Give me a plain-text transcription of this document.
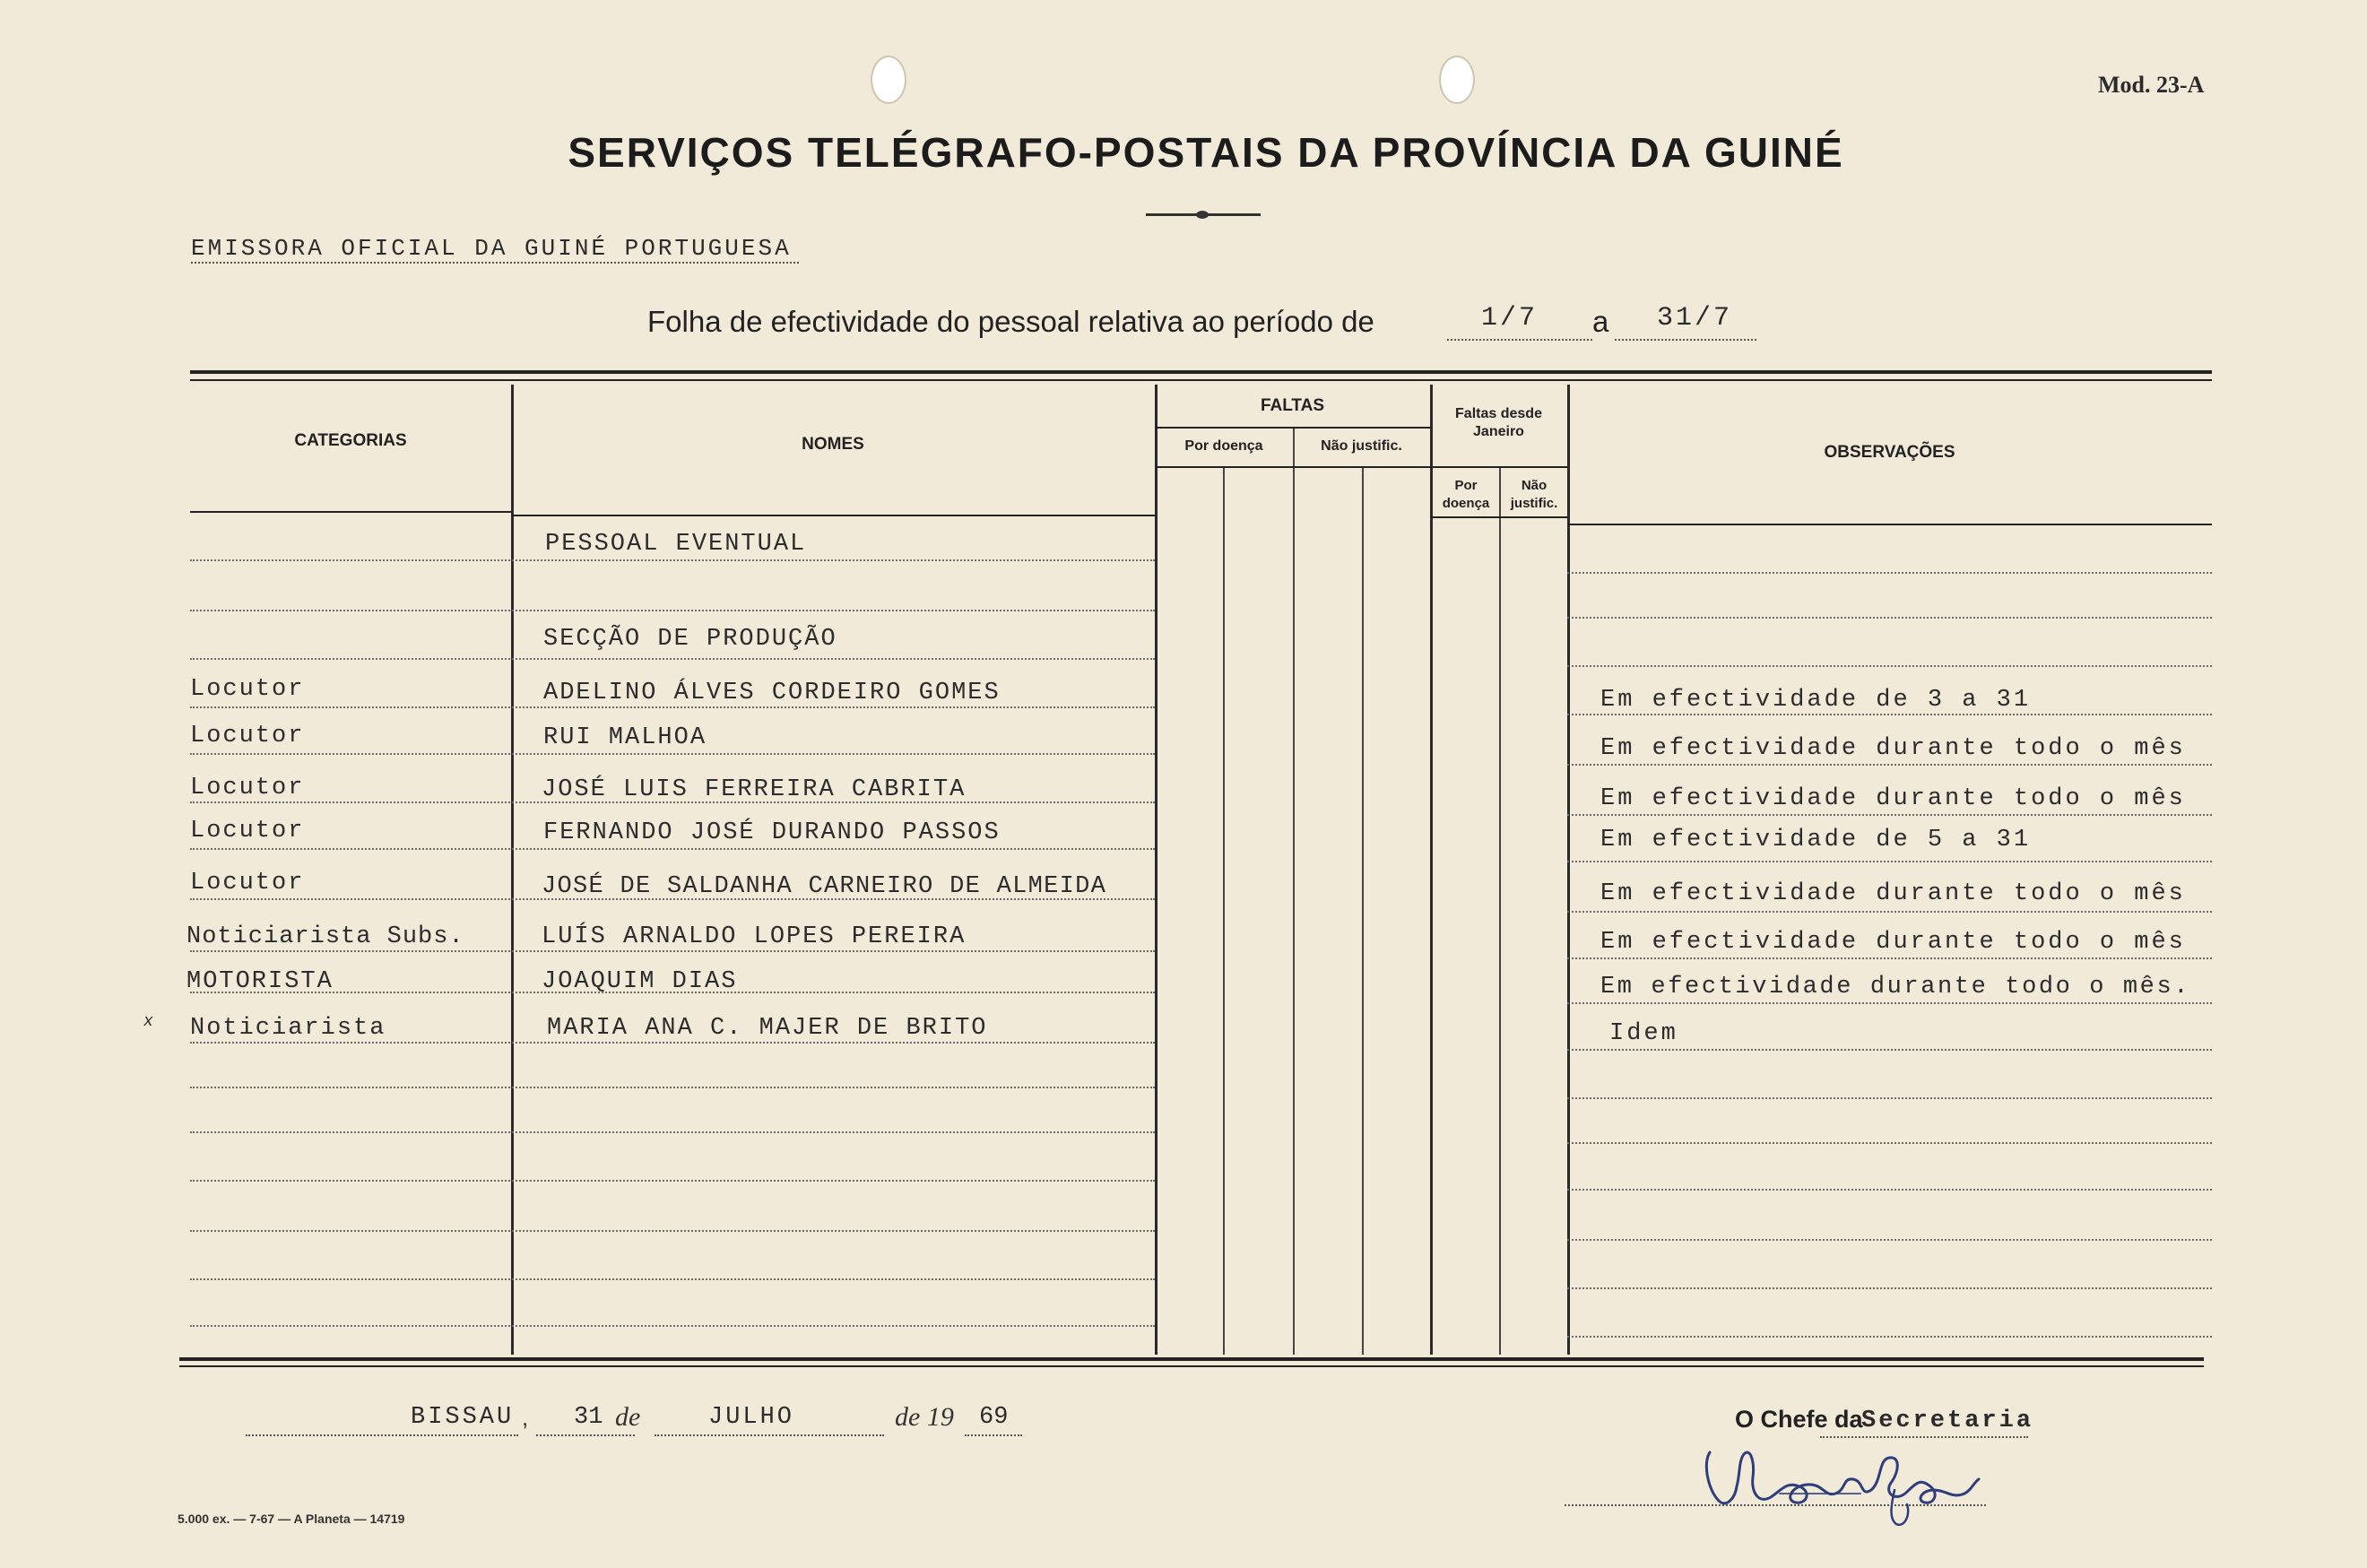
Mod. 23-A
SERVIÇOS TELÉGRAFO-POSTAIS DA PROVÍNCIA DA GUINÉ
EMISSORA OFICIAL DA GUINÉ PORTUGUESA
Folha de efectividade do pessoal relativa ao período de	1/7 a 31/7
CATEGORIAS	NOMES
FALTAS
Por doença	Não justific.
Faltas desde Janeiro
Por doença
Não justific.
OBSERVAÇÕES
PESSOAL EVENTUAL
SECÇÃO DE PRODUÇÃO
Locutor	ADELINO ÁLVES CORDEIRO GOMES	Em efectividade de 3 a 31
Locutor	RUI MALHOA	Em efectividade durante todo o mês
Locutor	JOSÉ LUIS FERREIRA CABRITA	Em efectividade durante todo o mês
Locutor	FERNANDO JOSÉ DURANDO PASSOS	Em efectividade de 5 a 31
Locutor	JOSÉ DE SALDANHA CARNEIRO DE ALMEIDA	Em efectividade durante todo o mês
Noticiarista Subs.	LUÍS ARNALDO LOPES PEREIRA	Em efectividade durante todo o mês
MOTORISTA	JOAQUIM DIAS	Em efectividade durante todo o mês.
x Noticiarista	MARIA ANA C. MAJER DE BRITO	Idem
BISSAU , 31 de	JULHO	de 19 69	O Chefe da
Secretaria
5.000 ex. — 7-67 — A Planeta — 14719
